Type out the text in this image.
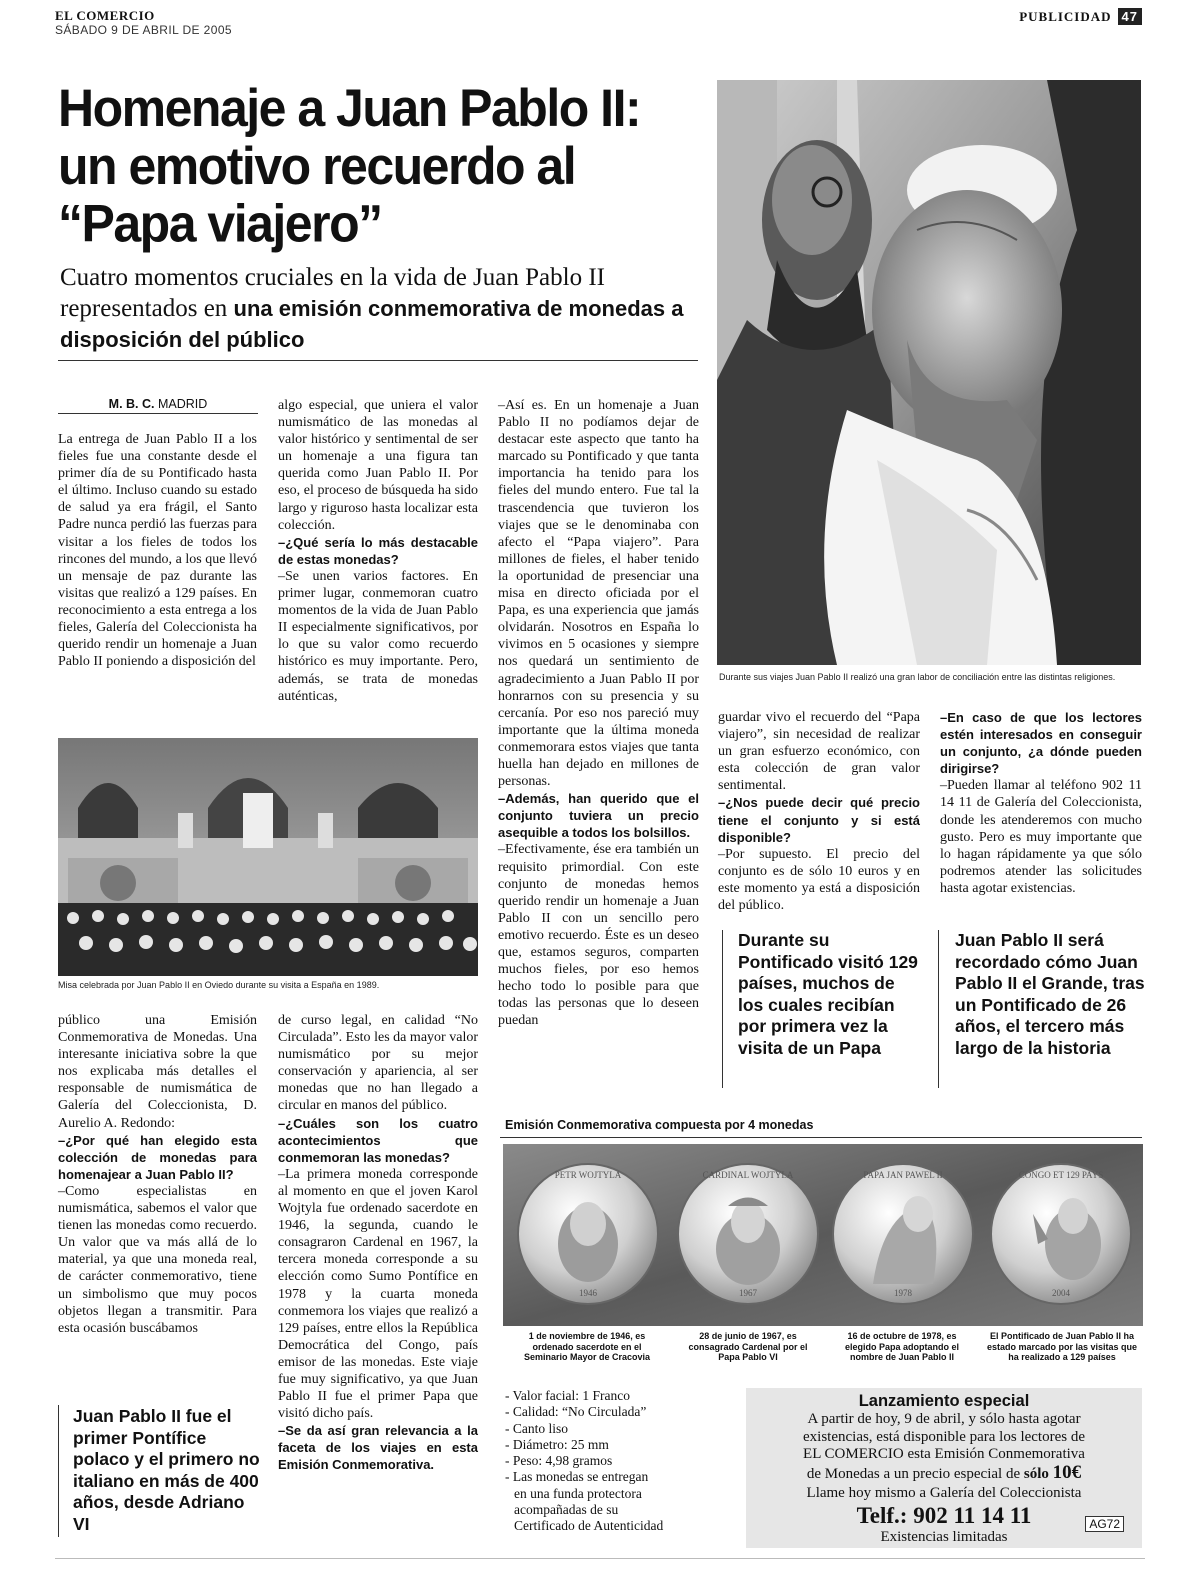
EL COMERCIO
SÁBADO 9 DE ABRIL DE 2005
PUBLICIDAD 47
Homenaje a Juan Pablo II:
un emotivo recuerdo al
“Papa viajero”
Cuatro momentos cruciales en la vida de Juan Pablo II representados en una emisión conmemorativa de monedas a disposición del público
Durante sus viajes Juan Pablo II realizó una gran labor de conciliación entre las distintas religiones.
M. B. C. MADRID

La entrega de Juan Pablo II a los fieles fue una constante desde el primer día de su Pontificado hasta el último. Incluso cuando su estado de salud ya era frágil, el Santo Padre nunca perdió las fuerzas para visitar a los fieles de todos los rincones del mundo, a los que llevó un mensaje de paz durante las visitas que realizó a 129 países. En reconocimiento a esta entrega a los fieles, Galería del Coleccionista ha querido rendir un homenaje a Juan Pablo II poniendo a disposición del

algo especial, que uniera el valor numismático de las monedas al valor histórico y sentimental de ser un homenaje a una figura tan querida como Juan Pablo II. Por eso, el proceso de búsqueda ha sido largo y riguroso hasta localizar esta colección.

–¿Qué sería lo más destacable de estas monedas?

–Se unen varios factores. En primer lugar, conmemoran cuatro momentos de la vida de Juan Pablo II especialmente significativos, por lo que su valor como recuerdo histórico es muy importante. Pero, además, se trata de monedas auténticas,

–Así es. En un homenaje a Juan Pablo II no podíamos dejar de destacar este aspecto que tanto ha marcado su Pontificado y que tanta importancia ha tenido para los fieles del mundo entero. Fue tal la trascendencia que tuvieron los viajes que se le denominaba con afecto el “Papa viajero”. Para millones de fieles, el haber tenido la oportunidad de presenciar una misa en directo oficiada por el Papa, es una experiencia que jamás olvidarán. Nosotros en España lo vivimos en 5 ocasiones y siempre nos quedará un sentimiento de agradecimiento a Juan Pablo II por honrarnos con su presencia y su cercanía. Por eso nos pareció muy importante que la última moneda conmemorara estos viajes que tanta huella han dejado en millones de personas.

–Además, han querido que el conjunto tuviera un precio asequible a todos los bolsillos.

–Efectivamente, ése era también un requisito primordial. Con este conjunto de monedas hemos querido rendir un homenaje a Juan Pablo II con un sencillo pero emotivo recuerdo. Éste es un deseo que, estamos seguros, comparten muchos fieles, por eso hemos hecho todo lo posible para que todas las personas que lo deseen puedan

Misa celebrada por Juan Pablo II en Oviedo durante su visita a España en 1989.

guardar vivo el recuerdo del “Papa viajero”, sin necesidad de realizar un gran esfuerzo económico, con esta colección de gran valor sentimental.

–¿Nos puede decir qué precio tiene el conjunto y si está disponible?

–Por supuesto. El precio del conjunto es de sólo 10 euros y en este momento ya está a disposición del público.

–En caso de que los lectores estén interesados en conseguir un conjunto, ¿a dónde pueden dirigirse?

–Pueden llamar al teléfono 902 11 14 11 de Galería del Coleccionista, donde les atenderemos con mucho gusto. Pero es muy importante que lo hagan rápidamente ya que sólo podremos atender las solicitudes hasta agotar existencias.

Durante su Pontificado visitó 129 países, muchos de los cuales recibían por primera vez la visita de un Papa
Juan Pablo II será recordado cómo Juan Pablo II el Grande, tras un Pontificado de 26 años, el tercero más largo de la historia

público una Emisión Conmemorativa de Monedas. Una interesante iniciativa sobre la que nos explicaba más detalles el responsable de numismática de Galería del Coleccionista, D. Aurelio A. Redondo:

–¿Por qué han elegido esta colección de monedas para homenajear a Juan Pablo II?

–Como especialistas en numismática, sabemos el valor que tienen las monedas como recuerdo. Un valor que va más allá de lo material, ya que una moneda real, de carácter conmemorativo, tiene un simbolismo que muy pocos objetos llegan a transmitir. Para esta ocasión buscábamos

de curso legal, en calidad “No Circulada”. Esto les da mayor valor numismático por su mejor conservación y apariencia, al ser monedas que no han llegado a circular en manos del público.

–¿Cuáles son los cuatro acontecimientos que conmemoran las monedas?

–La primera moneda corresponde al momento en que el joven Karol Wojtyla fue ordenado sacerdote en 1946, la segunda, cuando le consagraron Cardenal en 1967, la tercera moneda corresponde a su elección como Sumo Pontífice en 1978 y la cuarta moneda conmemora los viajes que realizó a 129 países, entre ellos la República Democrática del Congo, país emisor de las monedas. Este viaje fue muy significativo, ya que Juan Pablo II fue el primer Papa que visitó dicho país.

–Se da así gran relevancia a la faceta de los viajes en esta Emisión Conmemorativa.

Juan Pablo II fue el primer Pontífice polaco y el primero no italiano en más de 400 años, desde Adriano VI
Emisión Conmemorativa compuesta por 4 monedas
PETR WOJTYLA	CARDINAL WOJTYLA	PAPA JAN PAWEL II	CONGO ET 129 PAYS
1946	1967	1978	2004
1 de noviembre de 1946, es ordenado sacerdote en el Seminario Mayor de Cracovia
28 de junio de 1967, es consagrado Cardenal por el Papa Pablo VI
16 de octubre de 1978, es elegido Papa adoptando el nombre de Juan Pablo II
El Pontificado de Juan Pablo II ha estado marcado por las visitas que ha realizado a 129 países
- Valor facial: 1 Franco
- Calidad: “No Circulada”
- Canto liso
- Diámetro: 25 mm
- Peso: 4,98 gramos
- Las monedas se entregan
en una funda protectora
acompañadas de su
Certificado de Autenticidad
Lanzamiento especial
A partir de hoy, 9 de abril, y sólo hasta agotar
existencias, está disponible para los lectores de
EL COMERCIO esta Emisión Conmemorativa
de Monedas a un precio especial de sólo 10€
Llame hoy mismo a Galería del Coleccionista
Telf.: 902 11 14 11
Existencias limitadas
AG72
